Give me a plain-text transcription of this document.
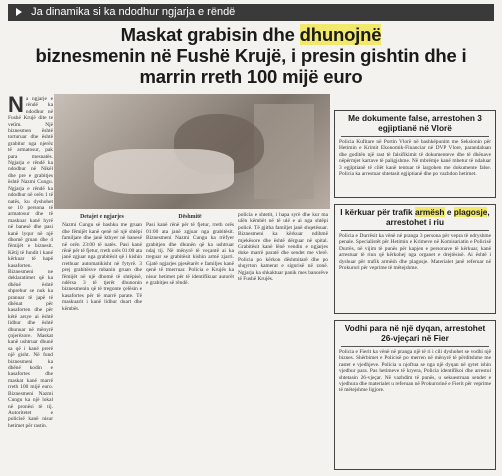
Ja dinamika si ka ndodhur ngjarja e rëndë
Maskat grabisin dhe dhunojnë
biznesmenin në Fushë Krujë, i presin gishtin dhe i marrin rreth 100 mijë euro
N a ngjarje e rëndë ka ndodhur në Fushë Krujë dite te vetïm. Një biznesmen është torturuar dhe është grabitur nga njerëz të armatosur, pak para mesnatës. Ngjarja e rëndë ka ndodhur në Nikël dhe pre e grabitjes është Nazmi Cungu. Ngjarja e rëndë ka ndodhur në orën 1 të natës, ku dyshohet se 10 persona të armatosur dhe të maskuar kanë hyrë në banesë dhe pasi kanë lyqur në një dhomë gruan dhe 4 fëmijët e biznesit. Këtij të fundit i kanë kërkuar të hapë kasaforten. Biznesmeni ne deklaratimet që ka dhënë është shprehur se nuk ka pranuar të japë të dhënat për kasaforten dhe për këtë arsye ai është lidhur dhe është dhunuar në mënyrë çnjerëzore. Maskat kanë ushtruar dhunë sa që i kanë prerë një gisht. Në fund biznesmeni ka dhënë kodin e kasafortes dhe maskat kanë marrë rreth 100 mijë euro. Biznesmeni Nazmi Cungu ka një lokal në pronësi të tij. Autoritetet e policisë kanë nisur hetimet për rastin.
Detajet e ngjarjes
Nazmi Cungu së bashku me gruan dhe fëmijët kanë qenë në një shtëpi familjare dhe janë kthyer në banesë në orën 23:00 të natës. Pasi kanë rënë për të fjetur, rreth orës 01:00 ata janë zgjuar nga grabitësit që i kishin rrethuar automatikisht në fytyrë. 3 prej grabitësve mbanin gruan dhe fëmijët në një dhomë të shtëpisë, ndërsa 3 të tjerët dhunonin biznesmenin që të tregonte çelësin e kasafortes për të marrë parate. Të maskuarit i kanë lidhur duart dhe këmbët.
Dëshmitë
Pasi kanë rënë për të fjetur, rreth orës 01:00 ata janë zgjuar nga grabitësit. Biznesmeni Nazmi Cungu ka rrëfyer grabitjen dhe dhunën që ka ushtruar ndaj tij. Në mënyrë të veçantë ai ka treguar se grabitësit kishin armë zjarri. Gjatë ngjarjes pjesëtarët e familjes kanë qenë të tmerruar. Policia e Krujës ka nisur hetimet për të identifikuar autorët e grabitjes së rëndë.
polícia e shtetit, i hapa syrë dhe kur ma ulën këmbët në të ulë e ai nga shtëpi policë. Të gjitha familjet janë shqetësuar. Biznesmeni ka kërkuar ndihmë mjekësore dhe është dërguar në spital. Grabitësit kanë lënë vendin e ngjarjes duke marrë paratë dhe sendet me vlerë. Policia po kërkon dëshmitarë dhe po shqyrton kamerat e sigurisë në zonë. Ngjarja ka shkaktuar panik mes banorëve të Fushë Krujës.
Me dokumente false, arrestohen 3 egjiptianë në Vlorë
Policia Kufitare në Portin Vlorë në bashkëpunim me Seksionin për Hetimin e Krimit Ekonomik-Financiar në DVP Vlore, parandaluan dhe goditën një rast të falsifikimit të dokumenteve dhe të dhënave nëpërmjet kartave të paligjshme. Në mbrëmje kanë mbetur të ndaluar 3 egjiptianë të cilët kanë tentuar të largohen me dokumente false. Policia ka arrestuar shtetasit egjiptianë dhe po vazhdon hetimet.
I kërkuar për trafik armësh e plagosje, arrestohet i riu
Policia e Durrësit ka vënë në pranga 3 persona për vepra të ndryshme penale. Specialistët për Hetimin e Krimeve në Komisariatin e Policisë Durrës, në vijim të punës për kapjen e personave të kërkuar, kanë arrestuar të riun që kërkohej nga organet e drejtësisë. Ai është i dyshuar për trafik armësh dhe plagosje. Materialet janë referuar në Prokurori për veprime të mëtejshme.
Vodhi para në një dyqan, arrestohet 26-vjeçari në Fier
Policia e Fierit ka vënë në pranga një të ri i cili dyshohet se vodhi një biznes. Shërbimet e Policisë po merren në mënyrë të përditshme me rastet e vjedhjeve. Policia u njoftua se nga një dyqan në qytet ishin vjedhur para. Pas hetimeve të kryera, Policia identifikoi dhe arrestoi shtetasin 26-vjeçar. Në vazhdim të punës, u sekuestruan sendet e vjedhura dhe materialet u referuan në Prokurorinë e Fierit për veprime të mëtejshme ligjore.
